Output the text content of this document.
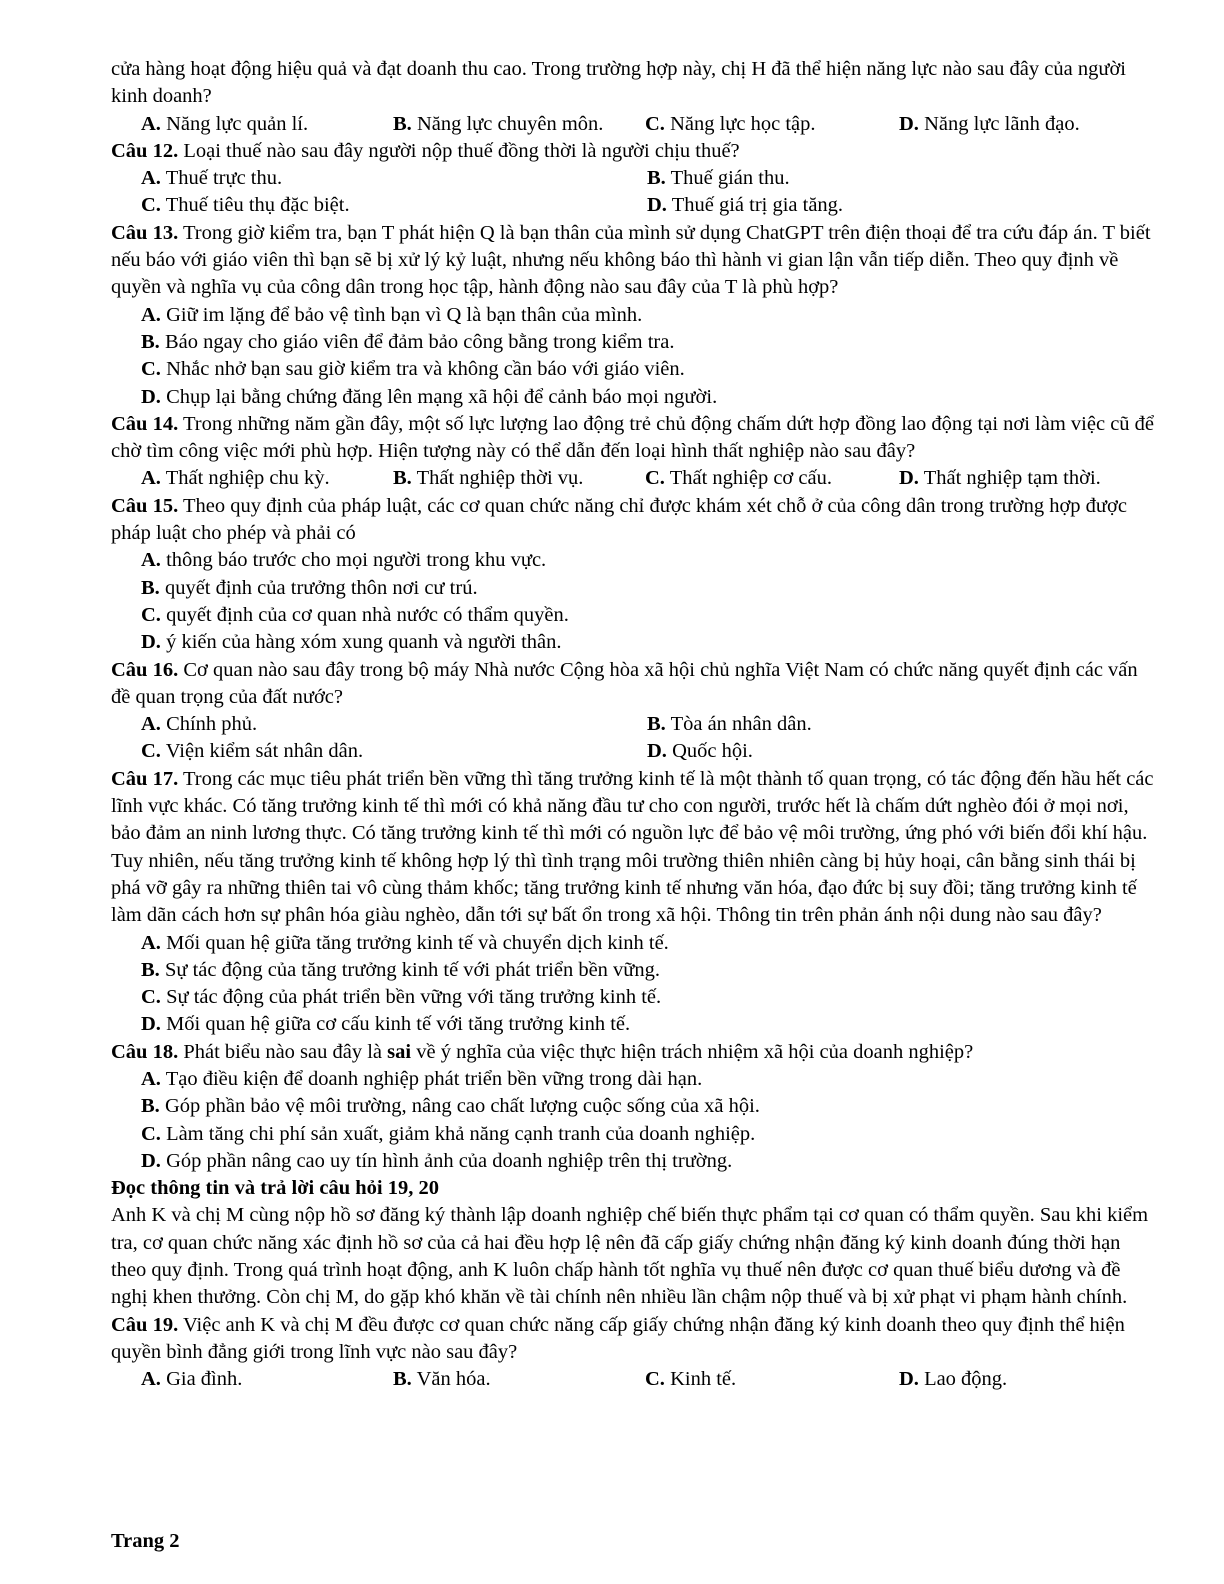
cửa hàng hoạt động hiệu quả và đạt doanh thu cao. Trong trường hợp này, chị H đã thể hiện năng lực nào sau đây của người kinh doanh?

A. Năng lực quản lí.	B. Năng lực chuyên môn.	C. Năng lực học tập.	D. Năng lực lãnh đạo.

Câu 12. Loại thuế nào sau đây người nộp thuế đồng thời là người chịu thuế?

A. Thuế trực thu.	B. Thuế gián thu.
C. Thuế tiêu thụ đặc biệt.	D. Thuế giá trị gia tăng.

Câu 13. Trong giờ kiểm tra, bạn T phát hiện Q là bạn thân của mình sử dụng ChatGPT trên điện thoại để tra cứu đáp án. T biết nếu báo với giáo viên thì bạn sẽ bị xử lý kỷ luật, nhưng nếu không báo thì hành vi gian lận vẫn tiếp diễn. Theo quy định về quyền và nghĩa vụ của công dân trong học tập, hành động nào sau đây của T là phù hợp?

A. Giữ im lặng để bảo vệ tình bạn vì Q là bạn thân của mình.

B. Báo ngay cho giáo viên để đảm bảo công bằng trong kiểm tra.

C. Nhắc nhở bạn sau giờ kiểm tra và không cần báo với giáo viên.

D. Chụp lại bằng chứng đăng lên mạng xã hội để cảnh báo mọi người.

Câu 14. Trong những năm gần đây, một số lực lượng lao động trẻ chủ động chấm dứt hợp đồng lao động tại nơi làm việc cũ để chờ tìm công việc mới phù hợp. Hiện tượng này có thể dẫn đến loại hình thất nghiệp nào sau đây?

A. Thất nghiệp chu kỳ.	B. Thất nghiệp thời vụ.	C. Thất nghiệp cơ cấu.	D. Thất nghiệp tạm thời.

Câu 15. Theo quy định của pháp luật, các cơ quan chức năng chỉ được khám xét chỗ ở của công dân trong trường hợp được pháp luật cho phép và phải có

A. thông báo trước cho mọi người trong khu vực.

B. quyết định của trưởng thôn nơi cư trú.

C. quyết định của cơ quan nhà nước có thẩm quyền.

D. ý kiến của hàng xóm xung quanh và người thân.

Câu 16. Cơ quan nào sau đây trong bộ máy Nhà nước Cộng hòa xã hội chủ nghĩa Việt Nam có chức năng quyết định các vấn đề quan trọng của đất nước?

A. Chính phủ.	B. Tòa án nhân dân.
C. Viện kiểm sát nhân dân.	D. Quốc hội.

Câu 17. Trong các mục tiêu phát triển bền vững thì tăng trưởng kinh tế là một thành tố quan trọng, có tác động đến hầu hết các lĩnh vực khác. Có tăng trưởng kinh tế thì mới có khả năng đầu tư cho con người, trước hết là chấm dứt nghèo đói ở mọi nơi, bảo đảm an ninh lương thực. Có tăng trưởng kinh tế thì mới có nguồn lực để bảo vệ môi trường, ứng phó với biến đổi khí hậu. Tuy nhiên, nếu tăng trưởng kinh tế không hợp lý thì tình trạng môi trường thiên nhiên càng bị hủy hoại, cân bằng sinh thái bị phá vỡ gây ra những thiên tai vô cùng thảm khốc; tăng trưởng kinh tế nhưng văn hóa, đạo đức bị suy đồi; tăng trưởng kinh tế làm dãn cách hơn sự phân hóa giàu nghèo, dẫn tới sự bất ổn trong xã hội. Thông tin trên phản ánh nội dung nào sau đây?

A. Mối quan hệ giữa tăng trưởng kinh tế và chuyển dịch kinh tế.

B. Sự tác động của tăng trưởng kinh tế với phát triển bền vững.

C. Sự tác động của phát triển bền vững với tăng trưởng kinh tế.

D. Mối quan hệ giữa cơ cấu kinh tế với tăng trưởng kinh tế.

Câu 18. Phát biểu nào sau đây là sai về ý nghĩa của việc thực hiện trách nhiệm xã hội của doanh nghiệp?

A. Tạo điều kiện để doanh nghiệp phát triển bền vững trong dài hạn.

B. Góp phần bảo vệ môi trường, nâng cao chất lượng cuộc sống của xã hội.

C. Làm tăng chi phí sản xuất, giảm khả năng cạnh tranh của doanh nghiệp.

D. Góp phần nâng cao uy tín hình ảnh của doanh nghiệp trên thị trường.

Đọc thông tin và trả lời câu hỏi 19, 20

Anh K và chị M cùng nộp hồ sơ đăng ký thành lập doanh nghiệp chế biến thực phẩm tại cơ quan có thẩm quyền. Sau khi kiểm tra, cơ quan chức năng xác định hồ sơ của cả hai đều hợp lệ nên đã cấp giấy chứng nhận đăng ký kinh doanh đúng thời hạn theo quy định. Trong quá trình hoạt động, anh K luôn chấp hành tốt nghĩa vụ thuế nên được cơ quan thuế biểu dương và đề nghị khen thưởng. Còn chị M, do gặp khó khăn về tài chính nên nhiều lần chậm nộp thuế và bị xử phạt vi phạm hành chính.

Câu 19. Việc anh K và chị M đều được cơ quan chức năng cấp giấy chứng nhận đăng ký kinh doanh theo quy định thể hiện quyền bình đẳng giới trong lĩnh vực nào sau đây?

A. Gia đình.	B. Văn hóa.	C. Kinh tế.	D. Lao động.
Trang 2
